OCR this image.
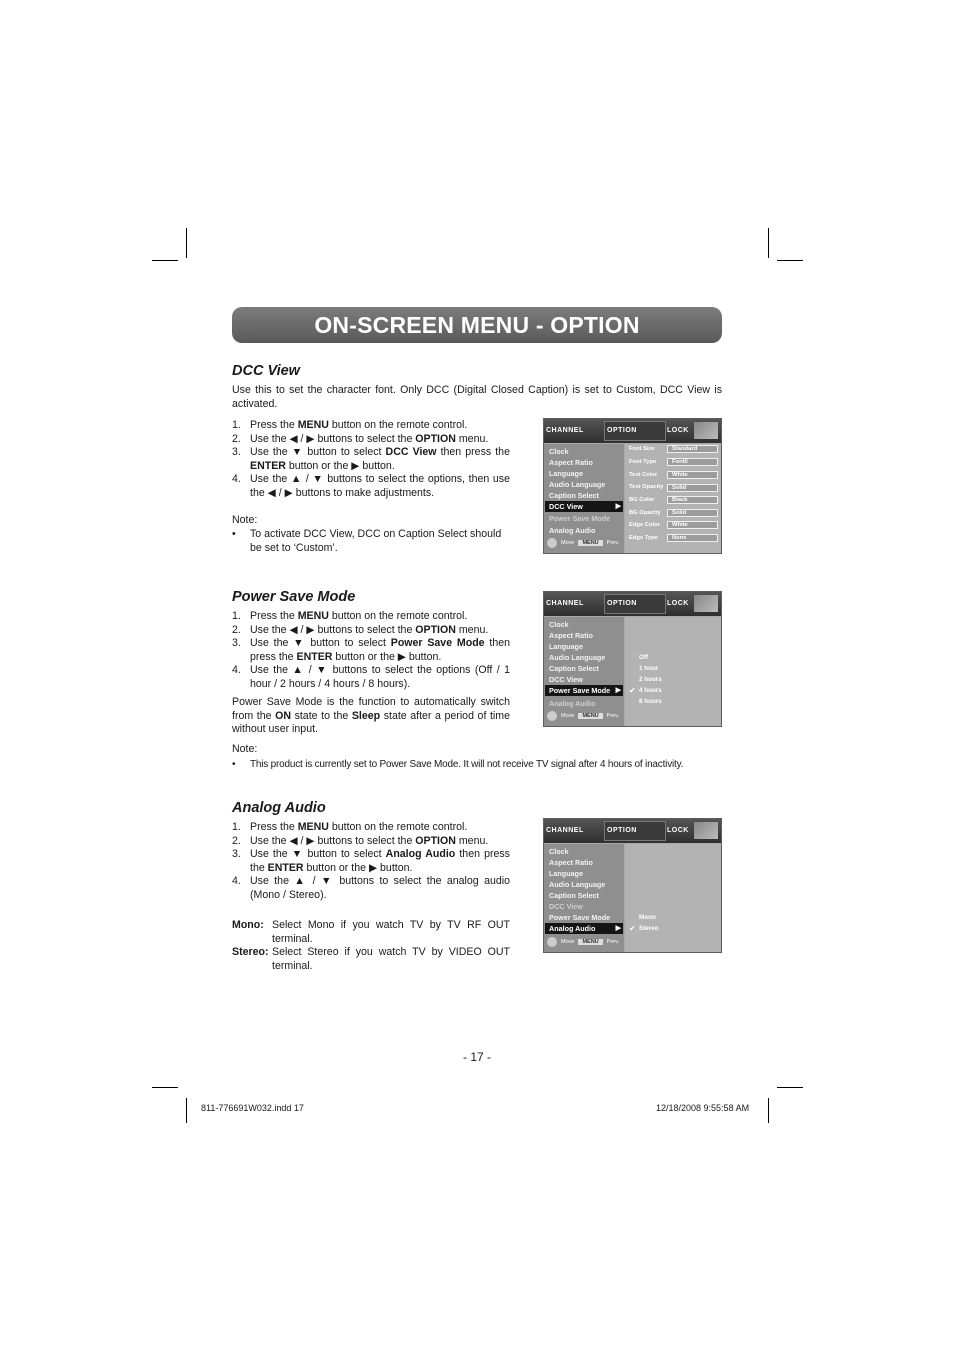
ON-SCREEN MENU - OPTION
DCC View
Use this to set the character font. Only DCC (Digital Closed Caption) is set to Custom, DCC View is activated.
1. Press the MENU button on the remote control.
2. Use the ◀ / ▶ buttons to select the OPTION menu.
3. Use the ▼ button to select DCC View then press the ENTER button or the ▶ button.
4. Use the ▲ / ▼ buttons to select the options, then use the ◀ / ▶ buttons to make adjustments.
Note:
• To activate DCC View, DCC on Caption Select should be set to ‘Custom’.
CHANNEL	OPTION	LOCK
Clock
Aspect Ratio
Language
Audio Language
Caption Select
DCC View ▶
Power Save Mode
Analog Audio
Font Size	Standard
Font Type	Font0
Text Color	White
Text Opacity	Solid
BG Color	Black
BG Opacity	Solid
Edge Color	White
Edge Type	None
Move	MENU	Prev.
Power Save Mode
1. Press the MENU button on the remote control.
2. Use the ◀ / ▶ buttons to select the OPTION menu.
3. Use the ▼ button to select Power Save Mode then press the ENTER button or the ▶ button.
4. Use the ▲ / ▼ buttons to select the options (Off / 1 hour / 2 hours / 4 hours / 8 hours).
Power Save Mode is the function to automatically switch from the ON state to the Sleep state after a period of time without user input.
Note:
• This product is currently set to Power Save Mode. It will not receive TV signal after 4 hours of inactivity.
CHANNEL	OPTION	LOCK
Clock
Aspect Ratio
Language
Audio Language
Caption Select
DCC View
Power Save Mode ▶
Analog Audio
Off
1 hour
2 hours
✔ 4 hours
8 hours
Move	MENU	Prev.
Analog Audio
1. Press the MENU button on the remote control.
2. Use the ◀ / ▶ buttons to select the OPTION menu.
3. Use the ▼ button to select Analog Audio then press the ENTER button or the ▶ button.
4. Use the ▲ / ▼ buttons to select the analog audio (Mono / Stereo).
Mono: Select Mono if you watch TV by TV RF OUT terminal.
Stereo: Select Stereo if you watch TV by VIDEO OUT terminal.
CHANNEL	OPTION	LOCK
Clock
Aspect Ratio
Language
Audio Language
Caption Select
DCC View
Power Save Mode
Analog Audio ▶
Mono
✔ Stereo
Move	MENU	Prev.
- 17 -
811-776691W032.indd 17	12/18/2008 9:55:58 AM
